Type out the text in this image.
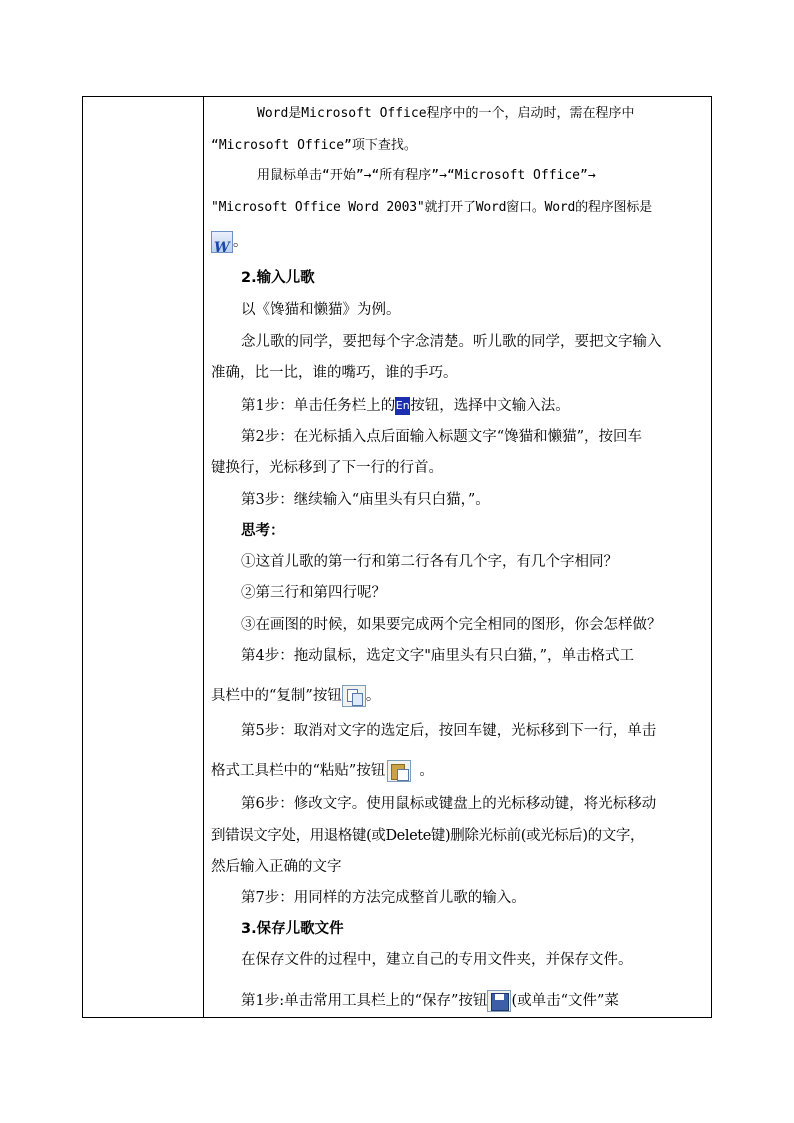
Word是Microsoft Office程序中的一个，启动时，需在程序中
“Microsoft Office”项下查找。
用鼠标单击“开始”→“所有程序”→“Microsoft Office”→
"Microsoft Office Word 2003"就打开了Word窗口。Word的程序图标是
W 。
2.输入儿歌
以《馋猫和懒猫》为例。
念儿歌的同学，要把每个字念清楚。听儿歌的同学，要把文字输入
准确，比一比，谁的嘴巧，谁的手巧。
第1步：单击任务栏上的En按钮，选择中文输入法。
第2步：在光标插入点后面输入标题文字“馋猫和懒猫”，按回车
键换行，光标移到了下一行的行首。
第3步：继续输入“庙里头有只白猫，”。
思考：
①这首儿歌的第一行和第二行各有几个字，有几个字相同？
②第三行和第四行呢？
③在画图的时候，如果要完成两个完全相同的图形，你会怎样做？
第4步：拖动鼠标，选定文字"庙里头有只白猫，”，单击格式工
具栏中的“复制”按钮 。
第5步：取消对文字的选定后，按回车键，光标移到下一行，单击
格式工具栏中的“粘贴”按钮 。
第6步：修改文字。使用鼠标或键盘上的光标移动键，将光标移动
到错误文字处，用退格键(或Delete键)删除光标前(或光标后)的文字，
然后输入正确的文字
第7步：用同样的方法完成整首儿歌的输入。
3.保存儿歌文件
在保存文件的过程中，建立自己的专用文件夹，并保存文件。
第1步:单击常用工具栏上的“保存”按钮 (或单击“文件”菜
